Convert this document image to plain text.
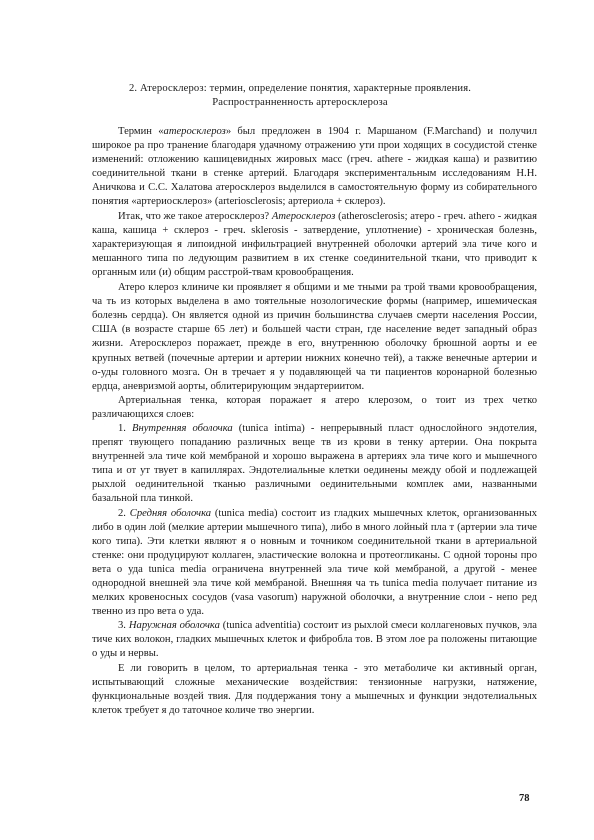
2. Атеросклероз: термин, определение понятия, характерные проявления.
Распространненность артеросклероза

Термин «атеросклероз» был предложен в 1904 г. Маршаном (F.Marchand) и получил широкое ра про транение благодаря удачному отражению ути прои ходящих в сосудистой стенке изменений: отложению кашицевидных жировых масс (греч. athere - жидкая каша) и развитию соединительной ткани в стенке артерий. Благодаря экспериментальным исследованиям Н.Н. Аничкова и С.С. Халатова атеросклероз выделился в самостоятельную форму из собирательного понятия «артериосклероз» (arteriosclerosis; артериола + склероз).

Итак, что же такое атеросклероз? Атеросклероз (atherosclerosis; атеро - греч. athero - жидкая каша, кашица + склероз - греч. sklerosis - затвердение, уплотнение) - хроническая болезнь, характеризующая я липоидной инфильтрацией внутренней оболочки артерий эла тиче кого и мешанного типа по ледующим развитием в их стенке соединительной ткани, что приводит к органным или (и) общим расстрой-твам кровообращения.

Атеро клероз клиниче ки проявляет я общими и ме тными ра трой твами кровообращения, ча ть из которых выделена в амо тоятельные нозологические формы (например, ишемическая болезнь сердца). Он является одной из причин большинства случаев смерти населения России, США (в возрасте старше 65 лет) и большей части стран, где население ведет западный образ жизни. Атеросклероз поражает, прежде в его, внутреннюю оболочку брюшной аорты и ее крупных ветвей (почечные артерии и артерии нижних конечно тей), а также венечные артерии и о-уды головного мозга. Он в тречает я у подавляющей ча ти пациентов коронарной болезнью ердца, аневризмой аорты, облитерирующим эндартериитом.

Артериальная тенка, которая поражает я атеро клерозом, о тоит из трех четко различающихся слоев:

1. Внутренняя оболочка (tunica intima) - непрерывный пласт однослойного эндотелия, препят твующего попаданию различных веще тв из крови в тенку артерии. Она покрыта внутренней эла тиче кой мембраной и хорошо выражена в артериях эла тиче кого и мышечного типа и от ут твует в капиллярах. Эндотелиальные клетки оединены между обой и подлежащей рыхлой оединительной тканью различными оединительными комплек ами, названными базальной пла тинкой.

2. Средняя оболочка (tunica media) состоит из гладких мышечных клеток, организованных либо в один лой (мелкие артерии мышечного типа), либо в много лойный пла т (артерии эла тиче кого типа). Эти клетки являют я о новным и точником соединительной ткани в артериальной стенке: они продуцируют коллаген, эластические волокна и протеогликаны. С одной тороны про вета о уда tunica media ограничена внутренней эла тиче кой мембраной, а другой - менее однородной внешней эла тиче кой мембраной. Внешняя ча ть tunica media получает питание из мелких кровеносных сосудов (vasa vasorum) наружной оболочки, а внутренние слои - непо ред твенно из про вета о уда.

3. Наружная оболочка (tunica adventitia) состоит из рыхлой смеси коллагеновых пучков, эла тиче ких волокон, гладких мышечных клеток и фибробла тов. В этом лое ра положены питающие о уды и нервы.

Е ли говорить в целом, то артериальная тенка - это метаболиче ки активный орган, испытывающий сложные механические воздействия: тензионные нагрузки, натяжение, функциональные воздей твия. Для поддержания тону а мышечных и функции эндотелиальных клеток требует я до таточное количе тво энергии.

78
